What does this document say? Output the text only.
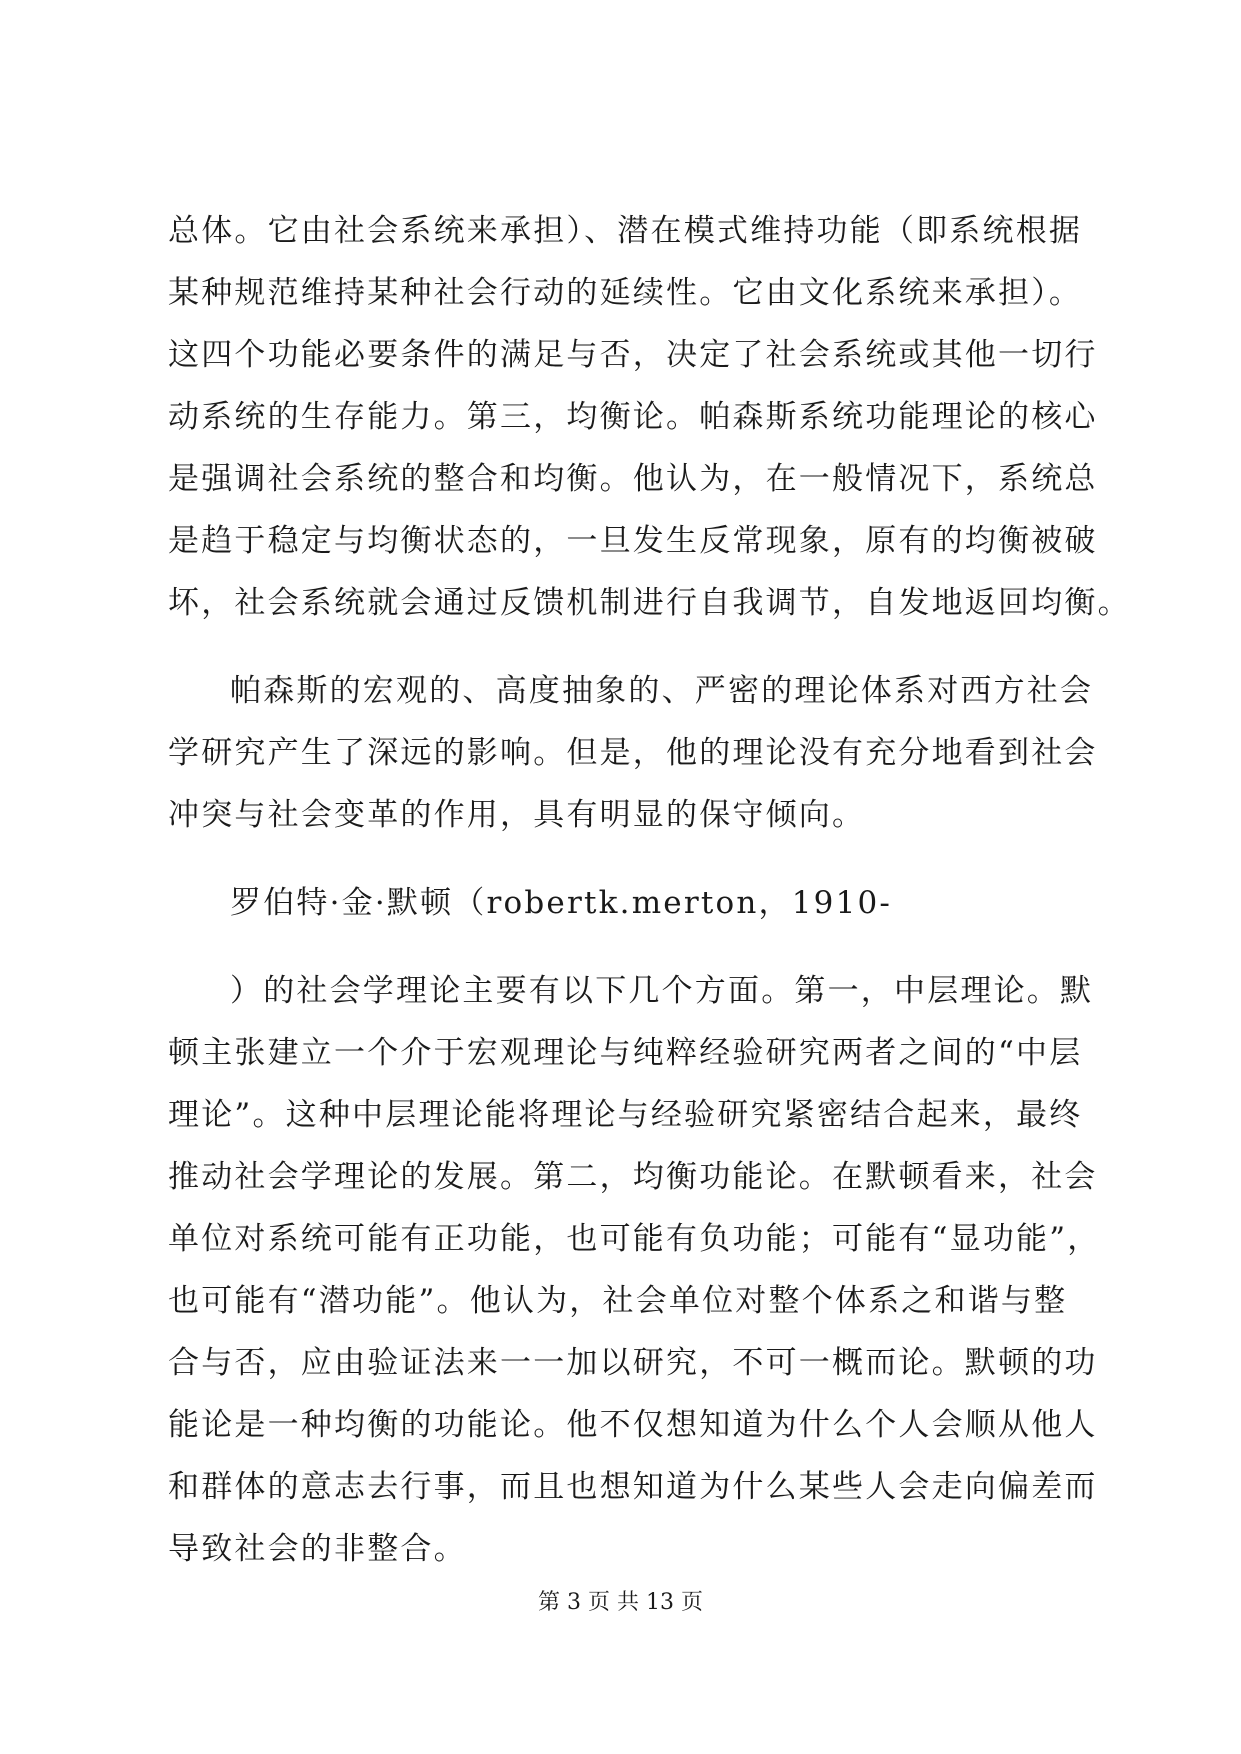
总体。它由社会系统来承担）、潜在模式维持功能（即系统根据
某种规范维持某种社会行动的延续性。它由文化系统来承担）。
这四个功能必要条件的满足与否，决定了社会系统或其他一切行
动系统的生存能力。第三，均衡论。帕森斯系统功能理论的核心
是强调社会系统的整合和均衡。他认为，在一般情况下，系统总
是趋于稳定与均衡状态的，一旦发生反常现象，原有的均衡被破
坏，社会系统就会通过反馈机制进行自我调节，自发地返回均衡。
帕森斯的宏观的、高度抽象的、严密的理论体系对西方社会
学研究产生了深远的影响。但是，他的理论没有充分地看到社会
冲突与社会变革的作用，具有明显的保守倾向。
罗伯特·金·默顿（robertk.merton，1910-
）的社会学理论主要有以下几个方面。第一，中层理论。默
顿主张建立一个介于宏观理论与纯粹经验研究两者之间的“中层
理论”。这种中层理论能将理论与经验研究紧密结合起来，最终
推动社会学理论的发展。第二，均衡功能论。在默顿看来，社会
单位对系统可能有正功能，也可能有负功能；可能有“显功能”，
也可能有“潜功能”。他认为，社会单位对整个体系之和谐与整
合与否，应由验证法来一一加以研究，不可一概而论。默顿的功
能论是一种均衡的功能论。他不仅想知道为什么个人会顺从他人
和群体的意志去行事，而且也想知道为什么某些人会走向偏差而
导致社会的非整合。
第 3 页 共 13 页
